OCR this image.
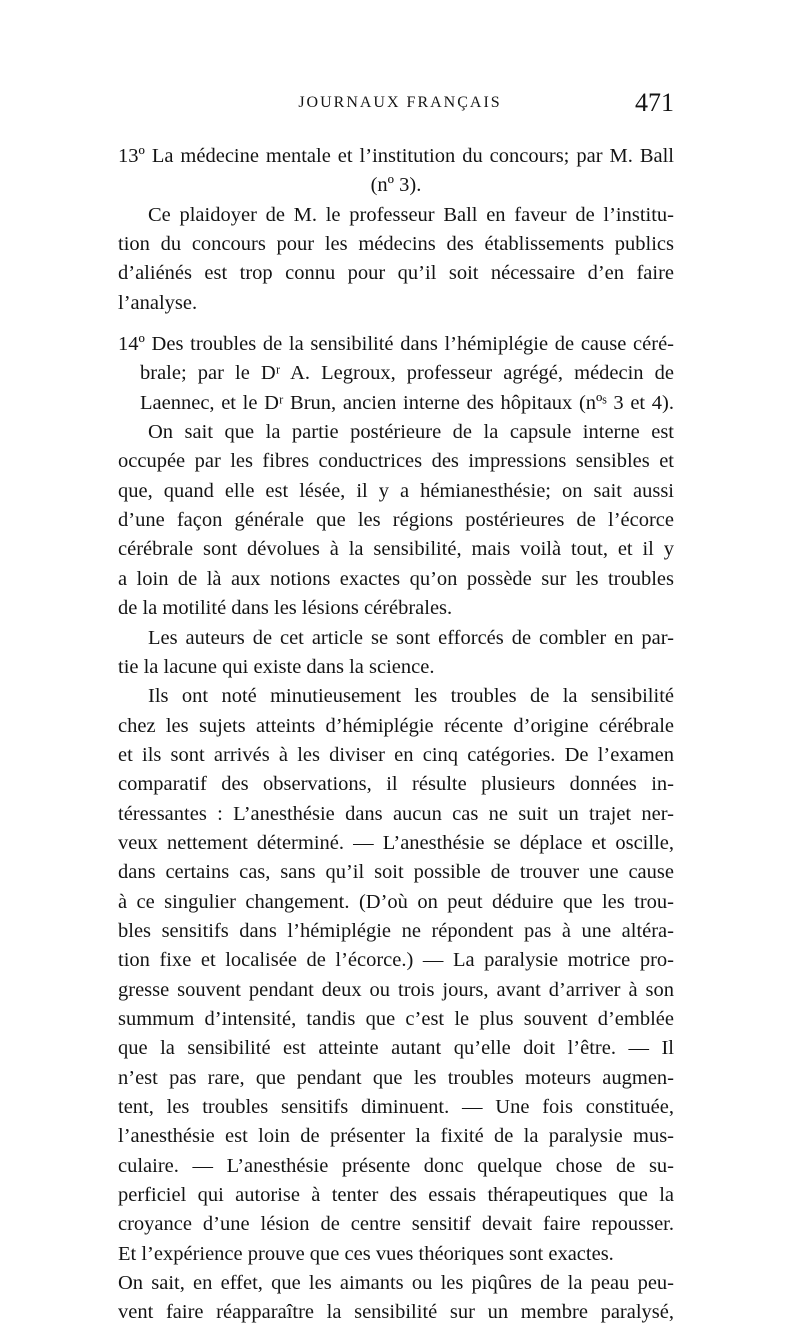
JOURNAUX FRANÇAIS	471
13º La médecine mentale et l’institution du concours; par M. Ball
(nº 3).
Ce plaidoyer de M. le professeur Ball en faveur de l’institu-
tion du concours pour les médecins des établissements publics
d’aliénés est trop connu pour qu’il soit nécessaire d’en faire
l’analyse.
14º Des troubles de la sensibilité dans l’hémiplégie de cause céré-
brale; par le Dʳ A. Legroux, professeur agrégé, médecin de
Laennec, et le Dʳ Brun, ancien interne des hôpitaux (nºˢ 3 et 4).
On sait que la partie postérieure de la capsule interne est
occupée par les fibres conductrices des impressions sensibles et
que, quand elle est lésée, il y a hémianesthésie; on sait aussi
d’une façon générale que les régions postérieures de l’écorce
cérébrale sont dévolues à la sensibilité, mais voilà tout, et il y
a loin de là aux notions exactes qu’on possède sur les troubles
de la motilité dans les lésions cérébrales.
Les auteurs de cet article se sont efforcés de combler en par-
tie la lacune qui existe dans la science.
Ils ont noté minutieusement les troubles de la sensibilité
chez les sujets atteints d’hémiplégie récente d’origine cérébrale
et ils sont arrivés à les diviser en cinq catégories. De l’examen
comparatif des observations, il résulte plusieurs données in-
téressantes : L’anesthésie dans aucun cas ne suit un trajet ner-
veux nettement déterminé. — L’anesthésie se déplace et oscille,
dans certains cas, sans qu’il soit possible de trouver une cause
à ce singulier changement. (D’où on peut déduire que les trou-
bles sensitifs dans l’hémiplégie ne répondent pas à une altéra-
tion fixe et localisée de l’écorce.) — La paralysie motrice pro-
gresse souvent pendant deux ou trois jours, avant d’arriver à son
summum d’intensité, tandis que c’est le plus souvent d’emblée
que la sensibilité est atteinte autant qu’elle doit l’être. — Il
n’est pas rare, que pendant que les troubles moteurs augmen-
tent, les troubles sensitifs diminuent. — Une fois constituée,
l’anesthésie est loin de présenter la fixité de la paralysie mus-
culaire. — L’anesthésie présente donc quelque chose de su-
perficiel qui autorise à tenter des essais thérapeutiques que la
croyance d’une lésion de centre sensitif devait faire repousser.
Et l’expérience prouve que ces vues théoriques sont exactes.
On sait, en effet, que les aimants ou les piqûres de la peau peu-
vent faire réapparaître la sensibilité sur un membre paralysé,
